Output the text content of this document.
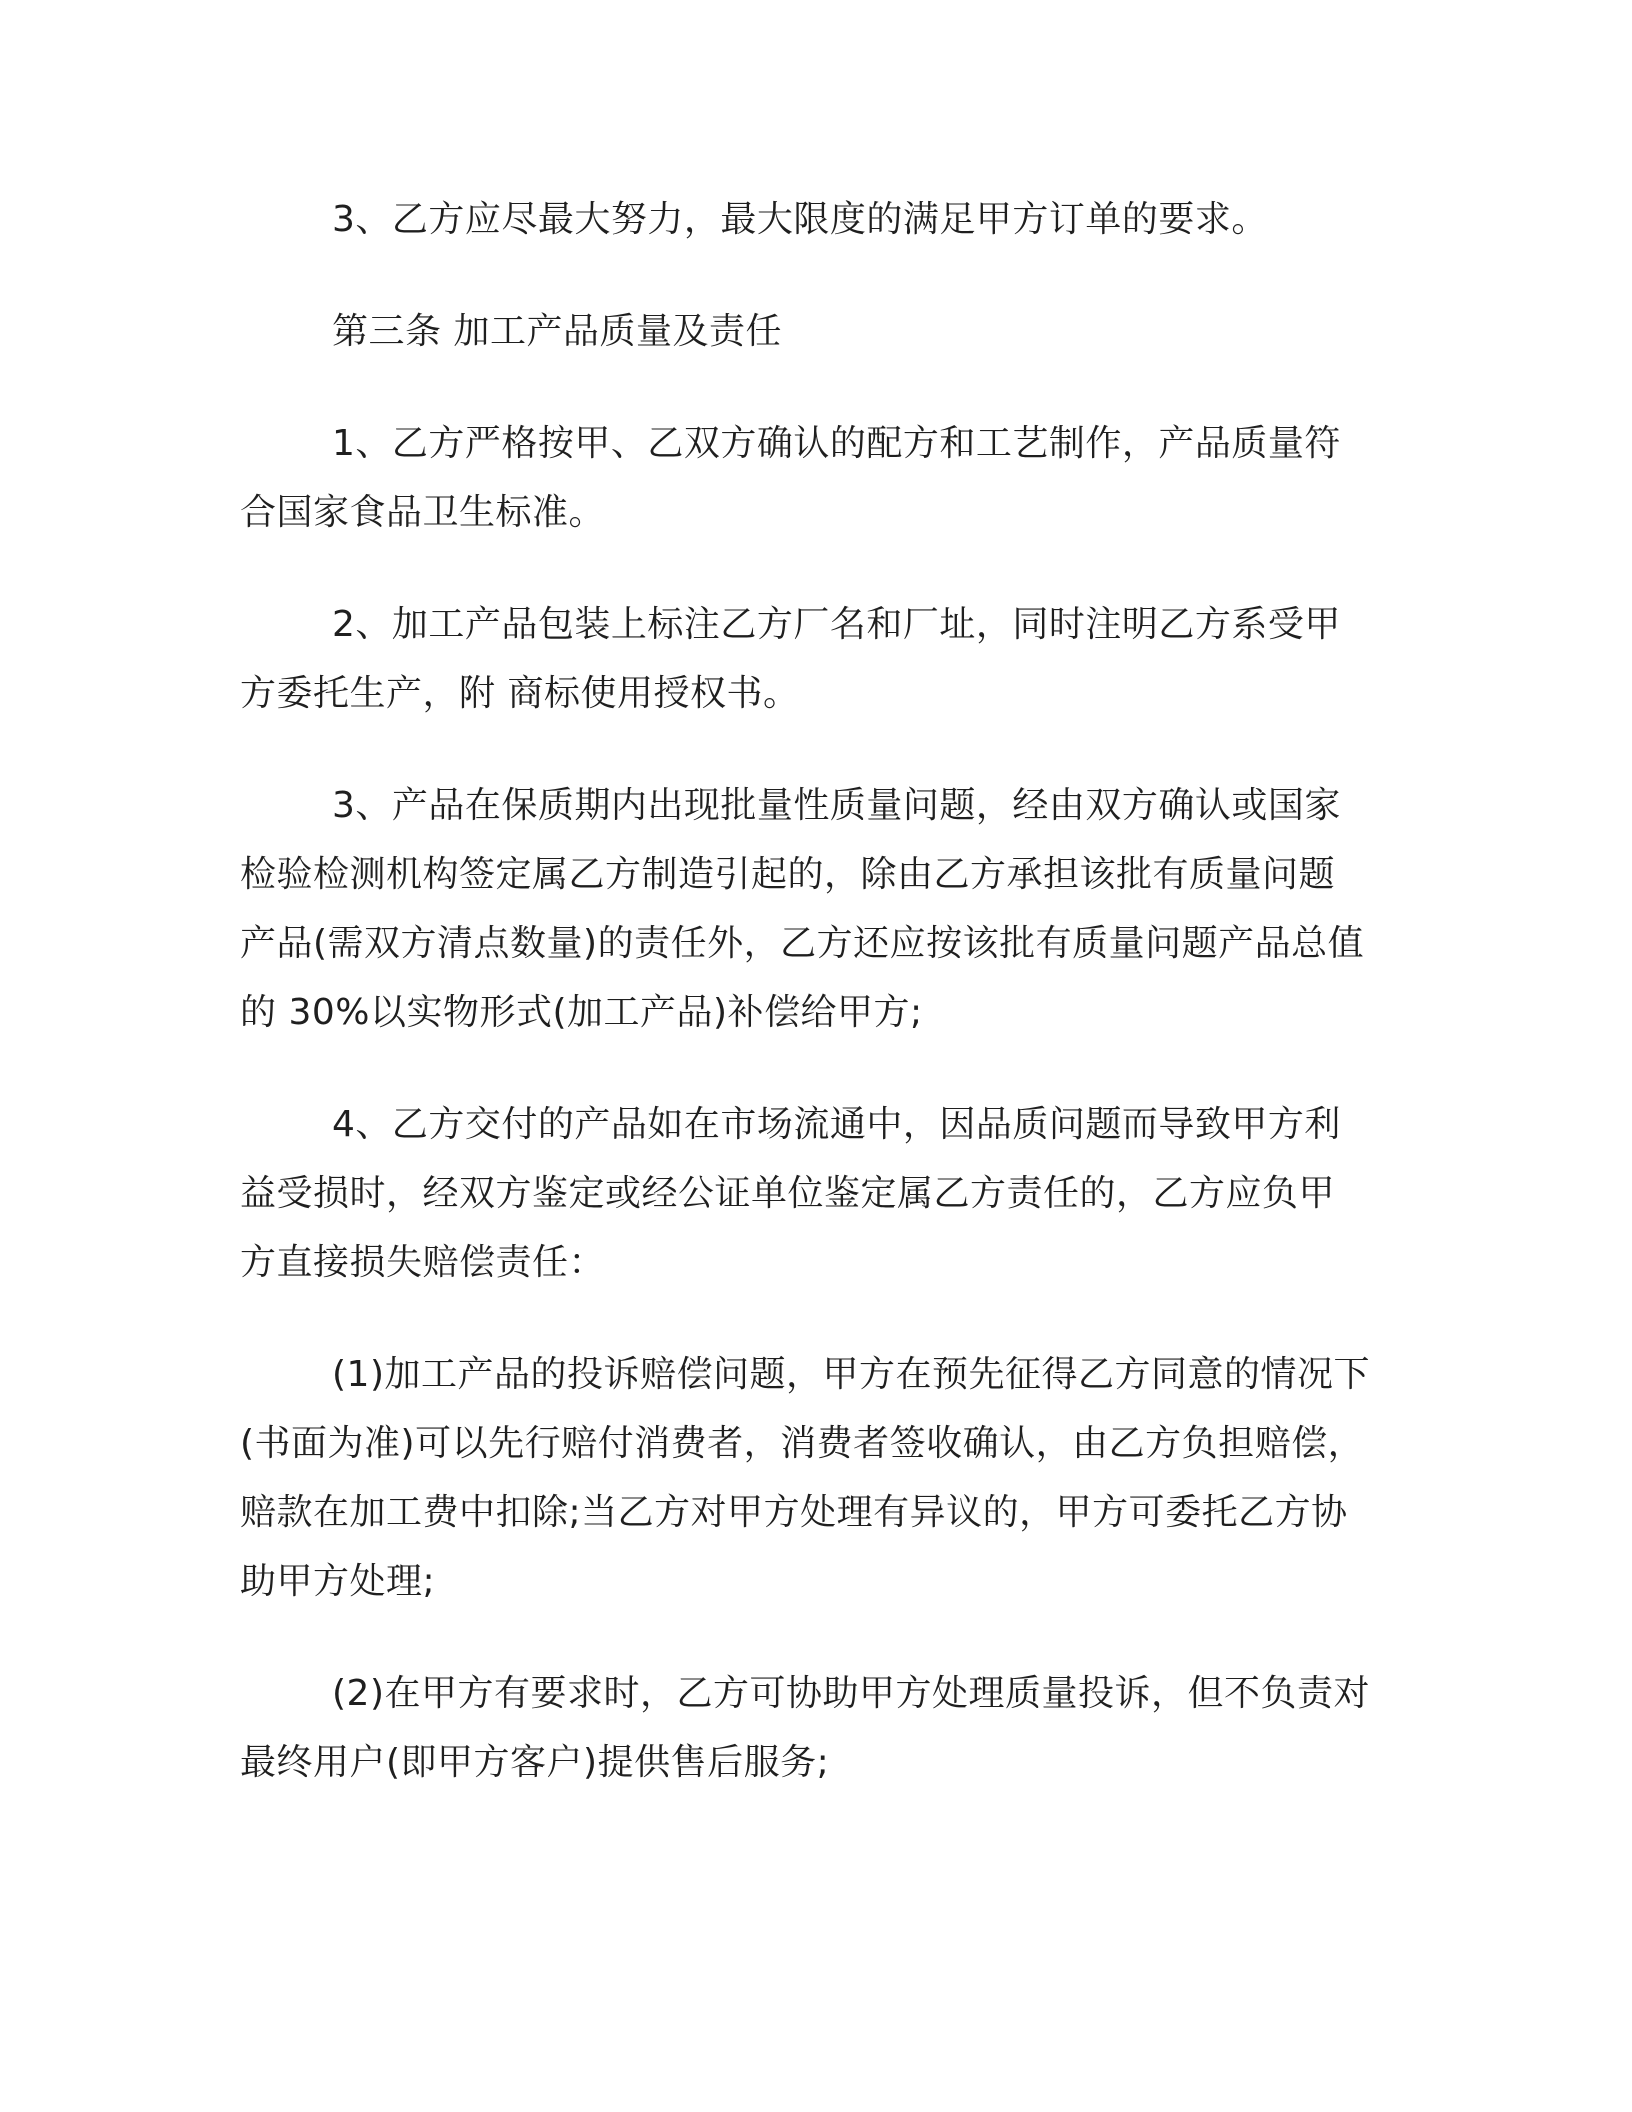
3、乙方应尽最大努力，最大限度的满足甲方订单的要求。

第三条 加工产品质量及责任

1、乙方严格按甲、乙双方确认的配方和工艺制作，产品质量符
合国家食品卫生标准。

2、加工产品包装上标注乙方厂名和厂址，同时注明乙方系受甲
方委托生产，附 商标使用授权书。

3、产品在保质期内出现批量性质量问题，经由双方确认或国家
检验检测机构签定属乙方制造引起的，除由乙方承担该批有质量问题
产品(需双方清点数量)的责任外，乙方还应按该批有质量问题产品总值
的 30%以实物形式(加工产品)补偿给甲方;

4、乙方交付的产品如在市场流通中，因品质问题而导致甲方利
益受损时，经双方鉴定或经公证单位鉴定属乙方责任的，乙方应负甲
方直接损失赔偿责任：

(1)加工产品的投诉赔偿问题，甲方在预先征得乙方同意的情况下
(书面为准)可以先行赔付消费者，消费者签收确认，由乙方负担赔偿，
赔款在加工费中扣除;当乙方对甲方处理有异议的，甲方可委托乙方协
助甲方处理;

(2)在甲方有要求时，乙方可协助甲方处理质量投诉，但不负责对
最终用户(即甲方客户)提供售后服务;
